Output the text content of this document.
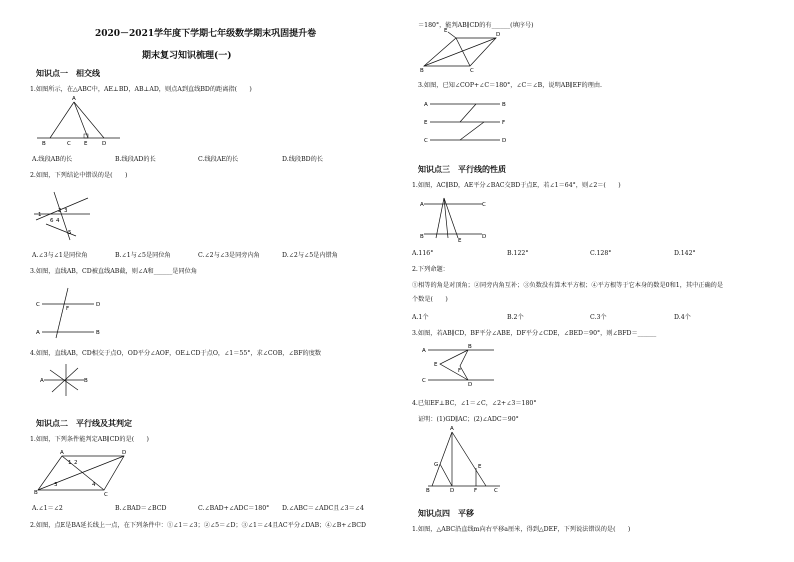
2020－2021学年度下学期七年级数学期末巩固提升卷
期末复习知识梳理(一)
知识点一　相交线
1.如图所示，在△ABC中，AE⊥BD，AB⊥AD，则点A到直线BD的距离指(　　)
A
B	C E	D
A.线段AB的长	B.线段AD的长	C.线段AE的长	D.线段BD的长
2.如图，下列结论中错误的是(　　)
1
2 3
4
5
6
A.∠3与∠1是同位角	B.∠1与∠5是同位角	C.∠2与∠3是同旁内角	D.∠2与∠5是内错角
3.如图，直线AB，CD被直线AB截，则∠A和______是同位角
C	D
A	B
F
4.如图，直线AB，CD相交于点O，OD平分∠AOF，OE⊥CD于点O，∠1＝55°，求∠COB，∠BF的度数
A	B
知识点二　平行线及其判定
1.如图，下列条件能判定AB∥CD的是(　　)
A	D
B	C
1 2
3	4
A.∠1＝∠2	B.∠BAD＝∠BCD	C.∠BAD+∠ADC＝180° D.∠ABC＝∠ADC且∠3＝∠4
2.如图，点E是BA延长线上一点，在下列条件中：①∠1＝∠3；②∠5＝∠D；③∠1＝∠4且AC平分∠DAB；④∠B+∠BCD
＝180°，能判AB∥CD的有______(填序号)
E
D
B	C
3.如图，已知∠COP+∠C＝180°，∠C＝∠B，说明AB∥EF的理由.
A	B
E	F
C	D
知识点三　平行线的性质
1.如图，AC∥BD，AE平分∠BAC交BD于点E，若∠1＝64°，则∠2＝(　　)
A	C
B
E
D
A.116°	B.122°	C.128°	D.142°
2.下列命题：
①相等的角是对顶角；②同旁内角互补；③负数没有算术平方根；④平方根等于它本身的数是0和1，其中正确的是
个数是(　　)
A.1个	B.2个	C.3个	D.4个
3.如图，若AB∥CD，BF平分∠ABE，DF平分∠CDE，∠BED＝90°，则∠BFD＝______
A
B
E
F
C
D
4.已知EF⊥BC，∠1＝∠C，∠2+∠3＝180°
证明：(1)GD∥AC；(2)∠ADC＝90°
A
G	E
B	D	F	C
知识点四　平移
1.如图，△ABC沿直线m向右平移a厘米，得到△DEF，下列说法错误的是(　　)
